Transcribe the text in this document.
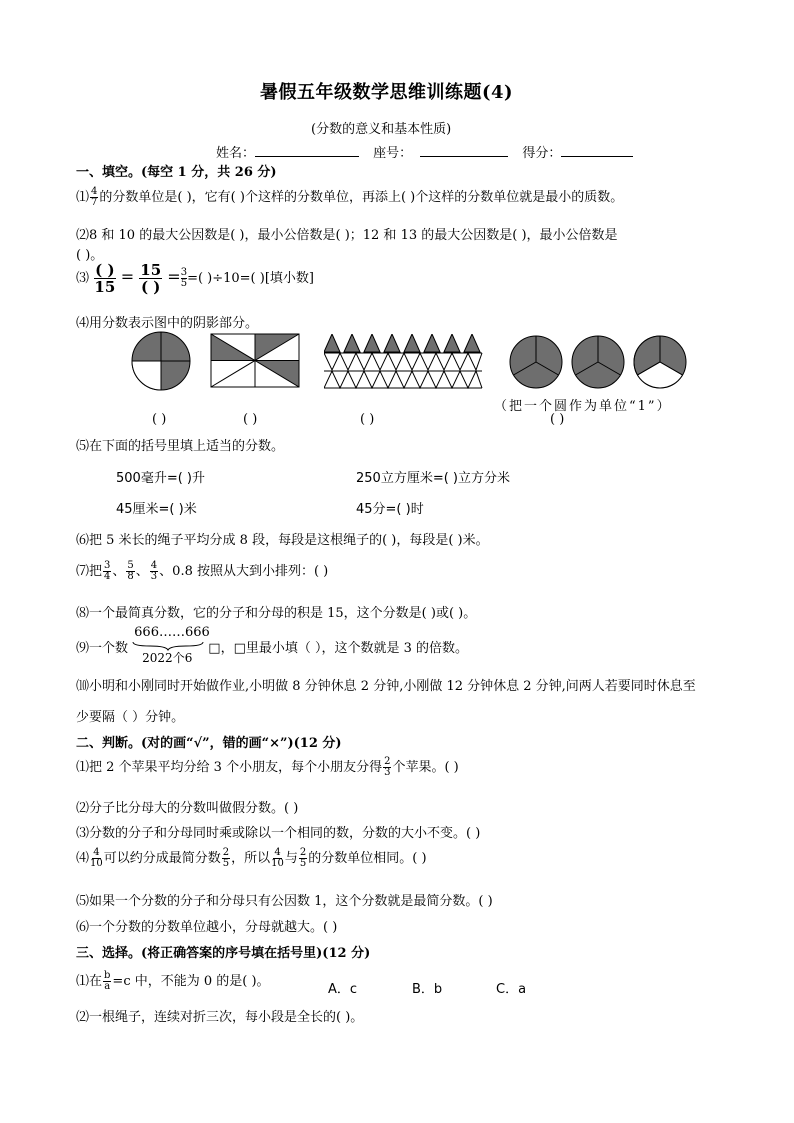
暑假五年级数学思维训练题(4)
(分数的意义和基本性质)
姓名：	座号：	得分：
一、填空。(每空 1 分，共 26 分)
⑴ $\frac{4}{7}$ 的分数单位是( )，它有( )个这样的分数单位，再添上( )个这样的分数单位就是最小的质数。
⑵8 和 10 的最大公因数是( )，最小公倍数是( )；12 和 13 的最大公因数是( )，最小公倍数是
( )。
⑶ ( )
15
= 15
( )
= $\frac{3}{5}$ =( )÷10=( )[填小数]
⑷用分数表示图中的阴影部分。
（把一个圆作为单位“1”）
( )	( )	( )	( )
⑸在下面的括号里填上适当的分数。
500毫升=( )升	250立方厘米=( )立方分米
45厘米=( )米	45分=( )时
⑹把 5 米长的绳子平均分成 8 段，每段是这根绳子的( )，每段是( )米。
⑺把 $\frac{3}{4}$ 、 $\frac{5}{8}$ 、 $\frac{4}{3}$ 、0.8 按照从大到小排列：( )
⑻一个最简真分数，它的分子和分母的积是 15，这个分数是( )或( )。
⑼一个数
666……666
2022个6
□，□里最小填（ ），这个数就是 3 的倍数。
⑽小明和小刚同时开始做作业,小明做 8 分钟休息 2 分钟,小刚做 12 分钟休息 2 分钟,问两人若要同时休息至
少要隔（ ）分钟。
二、判断。(对的画“√”，错的画“×”)(12 分)
⑴把 2 个苹果平均分给 3 个小朋友，每个小朋友分得 $\frac{2}{3}$ 个苹果。( )
⑵分子比分母大的分数叫做假分数。( )
⑶分数的分子和分母同时乘或除以一个相同的数，分数的大小不变。( )
⑷ $\frac{4}{10}$ 可以约分成最简分数 $\frac{2}{5}$ ，所以 $\frac{4}{10}$ 与 $\frac{2}{5}$ 的分数单位相同。( )
⑸如果一个分数的分子和分母只有公因数 1，这个分数就是最简分数。( )
⑹一个分数的分数单位越小，分母就越大。( )
三、选择。(将正确答案的序号填在括号里)(12 分)
⑴在 $\frac{b}{a} =c$ 中，不能为 0 的是( )。
A．c	B．b	C．a
⑵一根绳子，连续对折三次，每小段是全长的( )。
